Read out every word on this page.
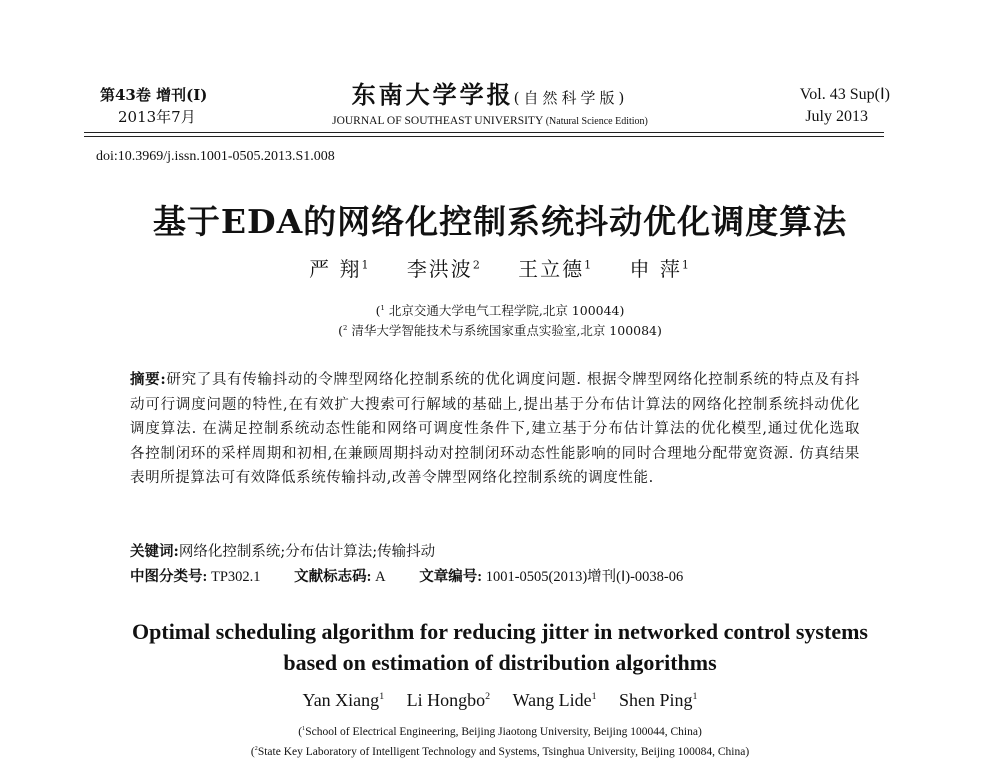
第43卷 增刊(Ⅰ)
2013年7月
东南大学学报(自然科学版)
JOURNAL OF SOUTHEAST UNIVERSITY (Natural Science Edition)
Vol. 43 Sup(Ⅰ)
July 2013
doi:10.3969/j.issn.1001-0505.2013.S1.008
基于EDA的网络化控制系统抖动优化调度算法
严 翔$^1$ 李洪波$^2$ 王立德$^1$ 申 萍$^1$
($^1$ 北京交通大学电气工程学院,北京 100044)
($^2$ 清华大学智能技术与系统国家重点实验室,北京 100084)
摘要:研究了具有传输抖动的令牌型网络化控制系统的优化调度问题. 根据令牌型网络化控制系统的特点及有抖动可行调度问题的特性,在有效扩大搜索可行解域的基础上,提出基于分布估计算法的网络化控制系统抖动优化调度算法. 在满足控制系统动态性能和网络可调度性条件下,建立基于分布估计算法的优化模型,通过优化选取各控制闭环的采样周期和初相,在兼顾周期抖动对控制闭环动态性能影响的同时合理地分配带宽资源. 仿真结果表明所提算法可有效降低系统传输抖动,改善令牌型网络化控制系统的调度性能.
关键词:网络化控制系统;分布估计算法;传输抖动
中图分类号: TP302.1 文献标志码: A 文章编号: 1001-0505(2013)增刊(Ⅰ)-0038-06
Optimal scheduling algorithm for reducing jitter in networked control systems
based on estimation of distribution algorithms
Yan Xiang$^1$ Li Hongbo$^2$ Wang Lide$^1$ Shen Ping$^1$
($^1$School of Electrical Engineering, Beijing Jiaotong University, Beijing 100044, China)
($^2$State Key Laboratory of Intelligent Technology and Systems, Tsinghua University, Beijing 100084, China)
